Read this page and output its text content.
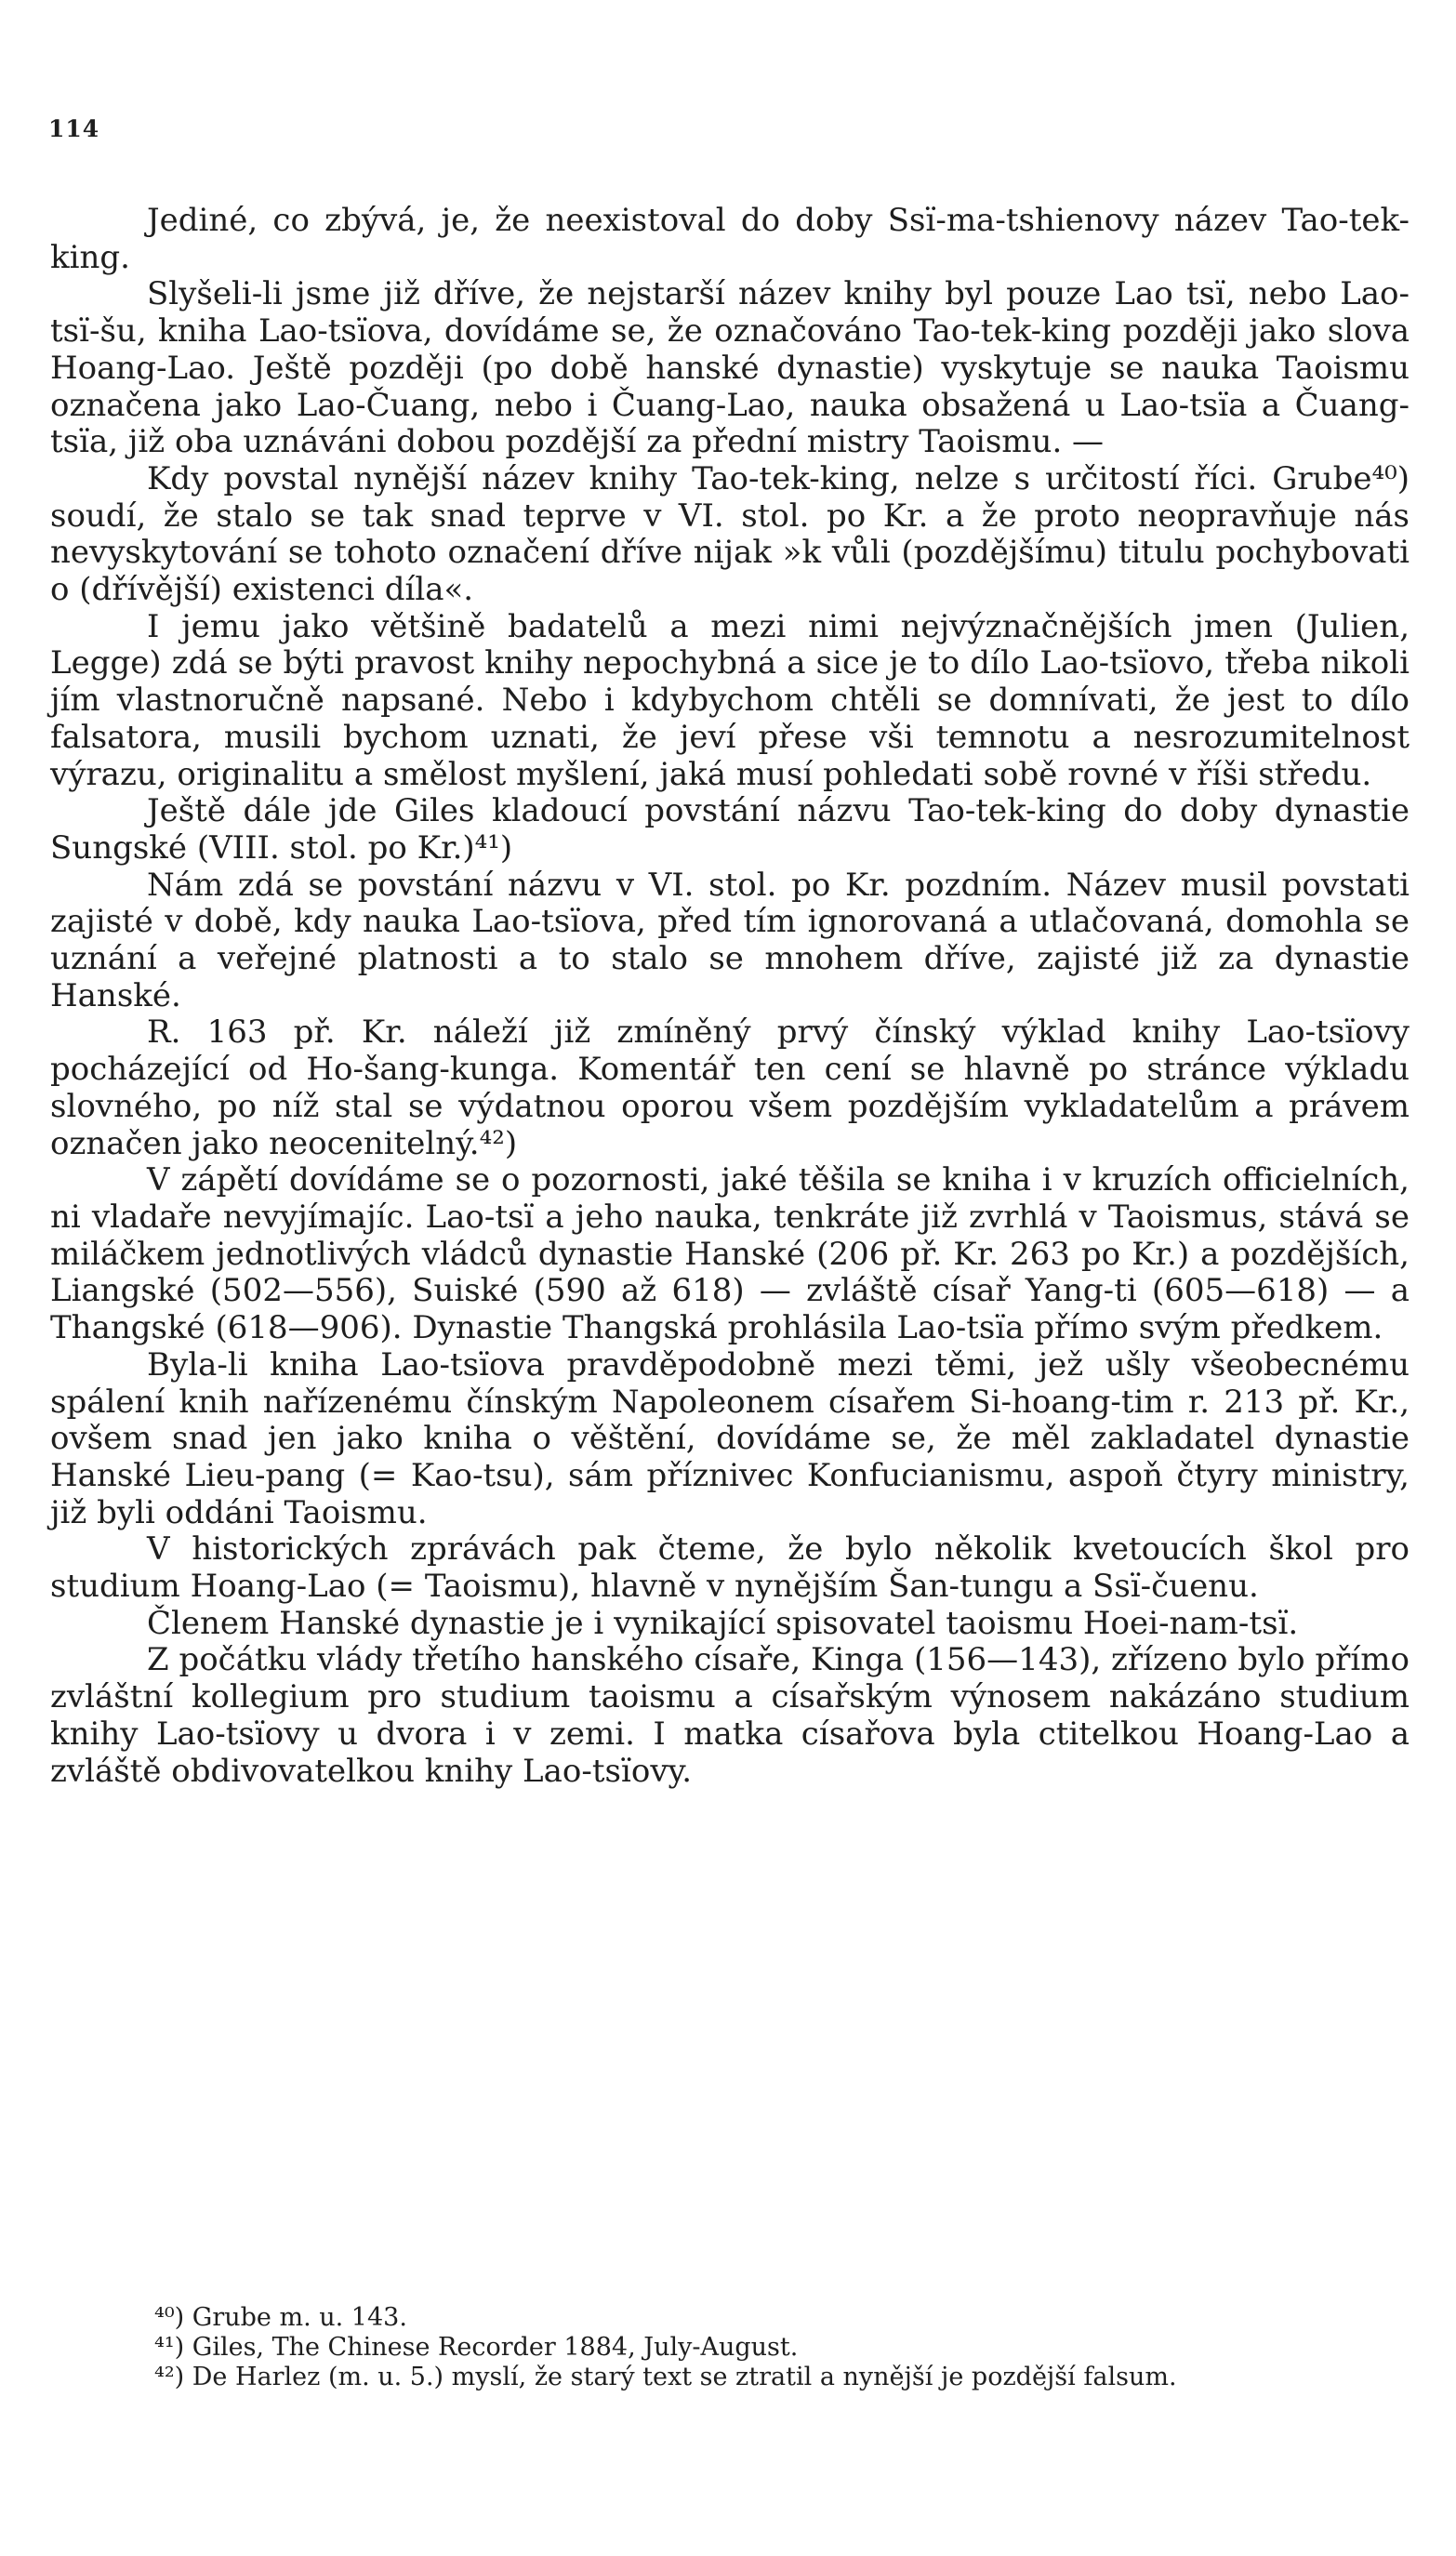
114

Jediné, co zbývá, je, že neexistoval do doby Ssï-ma-tshienovy název Tao-tek-king.

Slyšeli-li jsme již dříve, že nejstarší název knihy byl pouze Lao tsï, nebo Lao-tsï-šu, kniha Lao-tsïova, dovídáme se, že označováno Tao-tek-king později jako slova Hoang-Lao. Ještě později (po době hanské dynastie) vyskytuje se nauka Taoismu označena jako Lao-Čuang, nebo i Čuang-Lao, nauka obsažená u Lao-tsïa a Čuang-tsïa, již oba uznáváni dobou pozdější za přední mistry Taoismu. —

Kdy povstal nynější název knihy Tao-tek-king, nelze s určitostí říci. Grube⁴⁰) soudí, že stalo se tak snad teprve v VI. stol. po Kr. a že proto neopravňuje nás nevyskytování se tohoto označení dříve nijak »k vůli (pozdějšímu) titulu pochybovati o (dřívější) existenci díla«.

I jemu jako většině badatelů a mezi nimi nejvýznačnějších jmen (Julien, Legge) zdá se býti pravost knihy nepochybná a sice je to dílo Lao-tsïovo, třeba nikoli jím vlastnoručně napsané. Nebo i kdybychom chtěli se domnívati, že jest to dílo falsatora, musili bychom uznati, že jeví přese vši temnotu a nesrozumitelnost výrazu, originalitu a smělost myšlení, jaká musí pohledati sobě rovné v říši středu.

Ještě dále jde Giles kladoucí povstání názvu Tao-tek-king do doby dynastie Sungské (VIII. stol. po Kr.)⁴¹)

Nám zdá se povstání názvu v VI. stol. po Kr. pozdním. Název musil povstati zajisté v době, kdy nauka Lao-tsïova, před tím ignorovaná a utlačovaná, domohla se uznání a veřejné platnosti a to stalo se mnohem dříve, zajisté již za dynastie Hanské.

R. 163 př. Kr. náleží již zmíněný prvý čínský výklad knihy Lao-tsïovy pocházející od Ho-šang-kunga. Komentář ten cení se hlavně po stránce výkladu slovného, po níž stal se výdatnou oporou všem pozdějším vykladatelům a právem označen jako neocenitelný.⁴²)

V zápětí dovídáme se o pozornosti, jaké těšila se kniha i v kruzích officielních, ni vladaře nevyjímajíc. Lao-tsï a jeho nauka, tenkráte již zvrhlá v Taoismus, stává se miláčkem jednotlivých vládců dynastie Hanské (206 př. Kr. 263 po Kr.) a pozdějších, Liangské (502—556), Suiské (590 až 618) — zvláště císař Yang-ti (605—618) — a Thangské (618—906). Dynastie Thangská prohlásila Lao-tsïa přímo svým předkem.

Byla-li kniha Lao-tsïova pravděpodobně mezi těmi, jež ušly všeobecnému spálení knih nařízenému čínským Napoleonem císařem Si-hoang-tim r. 213 př. Kr., ovšem snad jen jako kniha o věštění, dovídáme se, že měl zakladatel dynastie Hanské Lieu-pang (= Kao-tsu), sám příznivec Konfucianismu, aspoň čtyry ministry, již byli oddáni Taoismu.

V historických zprávách pak čteme, že bylo několik kvetoucích škol pro studium Hoang-Lao (= Taoismu), hlavně v nynějším Šan-tungu a Ssï-čuenu.

Členem Hanské dynastie je i vynikající spisovatel taoismu Hoei-nam-tsï.

Z počátku vlády třetího hanského císaře, Kinga (156—143), zřízeno bylo přímo zvláštní kollegium pro studium taoismu a císařským výnosem nakázáno studium knihy Lao-tsïovy u dvora i v zemi. I matka císařova byla ctitelkou Hoang-Lao a zvláště obdivovatelkou knihy Lao-tsïovy.

⁴⁰) Grube m. u. 143.

⁴¹) Giles, The Chinese Recorder 1884, July-August.

⁴²) De Harlez (m. u. 5.) myslí, že starý text se ztratil a nynější je pozdější falsum.
